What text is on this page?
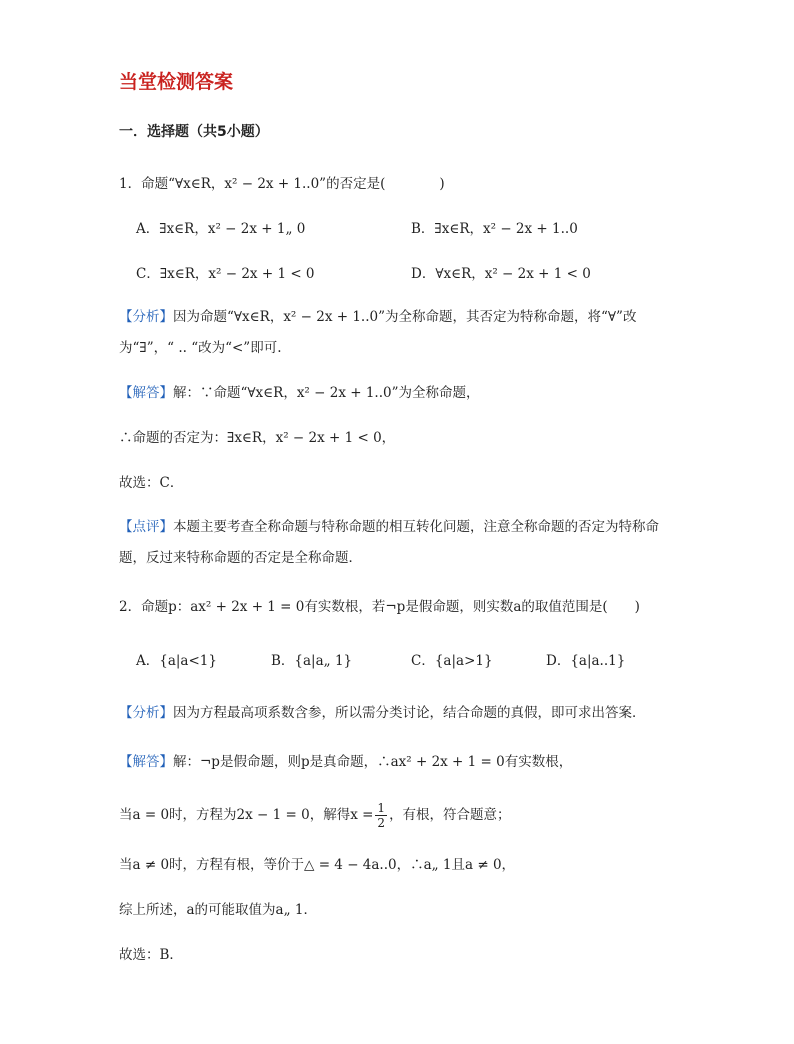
当堂检测答案
一．选择题（共5小题）
1．命题“∀x∈R，x² − 2x + 1..0”的否定是(　　　　)
A．∃x∈R，x² − 2x + 1„ 0	B．∃x∈R，x² − 2x + 1..0
C．∃x∈R，x² − 2x + 1 < 0	D．∀x∈R，x² − 2x + 1 < 0
【分析】因为命题“∀x∈R，x² − 2x + 1..0”为全称命题，其否定为特称命题，将“∀”改
为“∃”，“ .. “改为“<”即可.
【解答】解：∵命题“∀x∈R，x² − 2x + 1..0”为全称命题，
∴命题的否定为：∃x∈R，x² − 2x + 1 < 0，
故选：C．
【点评】本题主要考查全称命题与特称命题的相互转化问题，注意全称命题的否定为特称命
题，反过来特称命题的否定是全称命题．
2．命题p：ax² + 2x + 1 = 0有实数根，若¬p是假命题，则实数a的取值范围是(　　)
A．{a|a<1}	B．{a|a„ 1}	C．{a|a>1}	D．{a|a..1}
【分析】因为方程最高项系数含参，所以需分类讨论，结合命题的真假，即可求出答案．
【解答】解：¬p是假命题，则p是真命题，∴ax² + 2x + 1 = 0有实数根，
当a = 0时，方程为2x − 1 = 0，解得$x = \frac{1}{2}$ ，有根，符合题意；
当a ≠ 0时，方程有根，等价于△ = 4 − 4a..0，∴a„ 1且a ≠ 0，
综上所述，a的可能取值为a„ 1．
故选：B．
